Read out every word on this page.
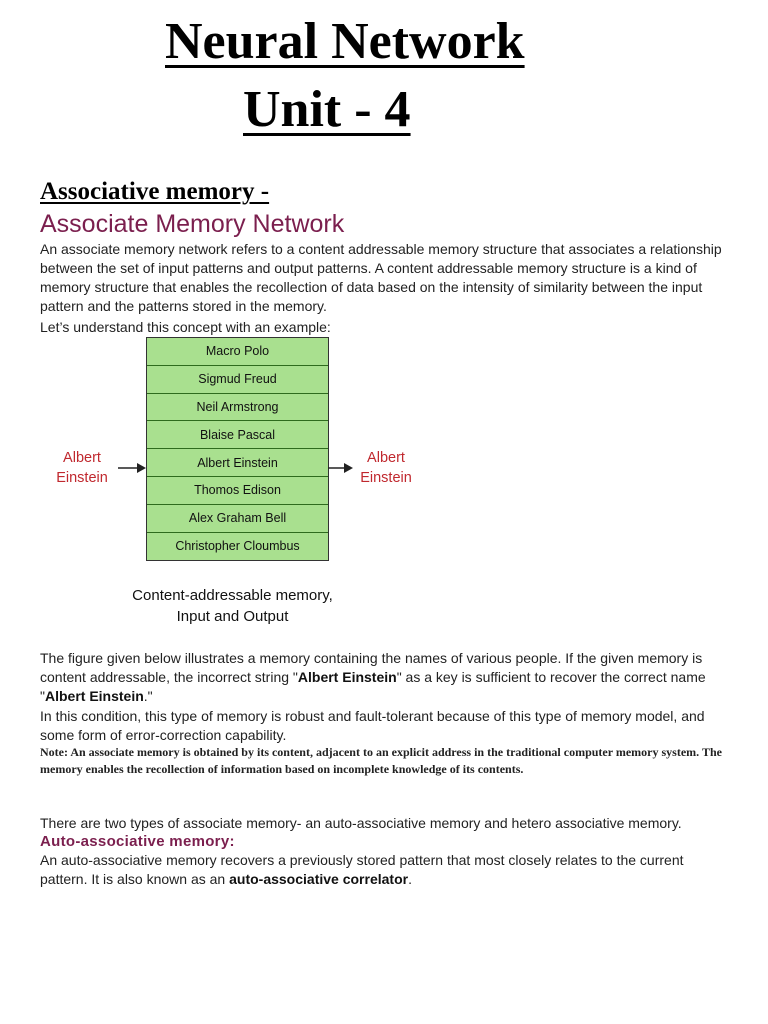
Neural Network
Unit - 4
Associative memory -
Associate Memory Network
An associate memory network refers to a content addressable memory structure that associates a relationship between the set of input patterns and output patterns. A content addressable memory structure is a kind of memory structure that enables the recollection of data based on the intensity of similarity between the input pattern and the patterns stored in the memory.
Let’s understand this concept with an example:
Macro Polo
Sigmud Freud
Neil Armstrong
Blaise Pascal
Albert Einstein
Thomos Edison
Alex Graham Bell
Christopher Cloumbus
Albert
Einstein
Albert
Einstein
Content-addressable memory,
Input and Output
The figure given below illustrates a memory containing the names of various people. If the given memory is content addressable, the incorrect string "Albert Einstein" as a key is sufficient to recover the correct name "Albert Einstein."
In this condition, this type of memory is robust and fault-tolerant because of this type of memory model, and some form of error-correction capability.
Note: An associate memory is obtained by its content, adjacent to an explicit address in the traditional computer memory system. The memory enables the recollection of information based on incomplete knowledge of its contents.
There are two types of associate memory- an auto-associative memory and hetero associative memory.
Auto-associative memory:
An auto-associative memory recovers a previously stored pattern that most closely relates to the current pattern. It is also known as an auto-associative correlator.
